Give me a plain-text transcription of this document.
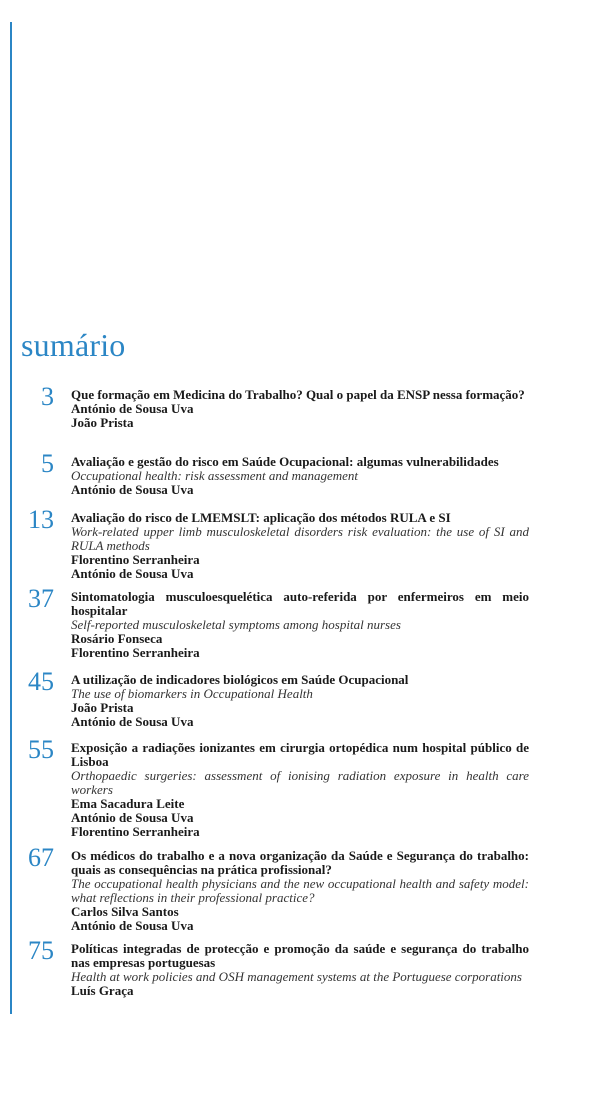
sumário
3 Que formação em Medicina do Trabalho? Qual o papel da ENSP nessa formação?
António de Sousa Uva
João Prista
5 Avaliação e gestão do risco em Saúde Ocupacional: algumas vulnerabilidades
Occupational health: risk assessment and management
António de Sousa Uva
13 Avaliação do risco de LMEMSLT: aplicação dos métodos RULA e SI
Work-related upper limb musculoskeletal disorders risk evaluation: the use of SI and RULA methods
Florentino Serranheira
António de Sousa Uva
37 Sintomatologia musculoesquelética auto-referida por enfermeiros em meio hospitalar
Self-reported musculoskeletal symptoms among hospital nurses
Rosário Fonseca
Florentino Serranheira
45 A utilização de indicadores biológicos em Saúde Ocupacional
The use of biomarkers in Occupational Health
João Prista
António de Sousa Uva
55 Exposição a radiações ionizantes em cirurgia ortopédica num hospital público de Lisboa
Orthopaedic surgeries: assessment of ionising radiation exposure in health care workers
Ema Sacadura Leite
António de Sousa Uva
Florentino Serranheira
67 Os médicos do trabalho e a nova organização da Saúde e Segurança do trabalho: quais as consequências na prática profissional?
The occupational health physicians and the new occupational health and safety model: what reflections in their professional practice?
Carlos Silva Santos
António de Sousa Uva
75 Políticas integradas de protecção e promoção da saúde e segurança do trabalho nas empresas portuguesas
Health at work policies and OSH management systems at the Portuguese corporations
Luís Graça
